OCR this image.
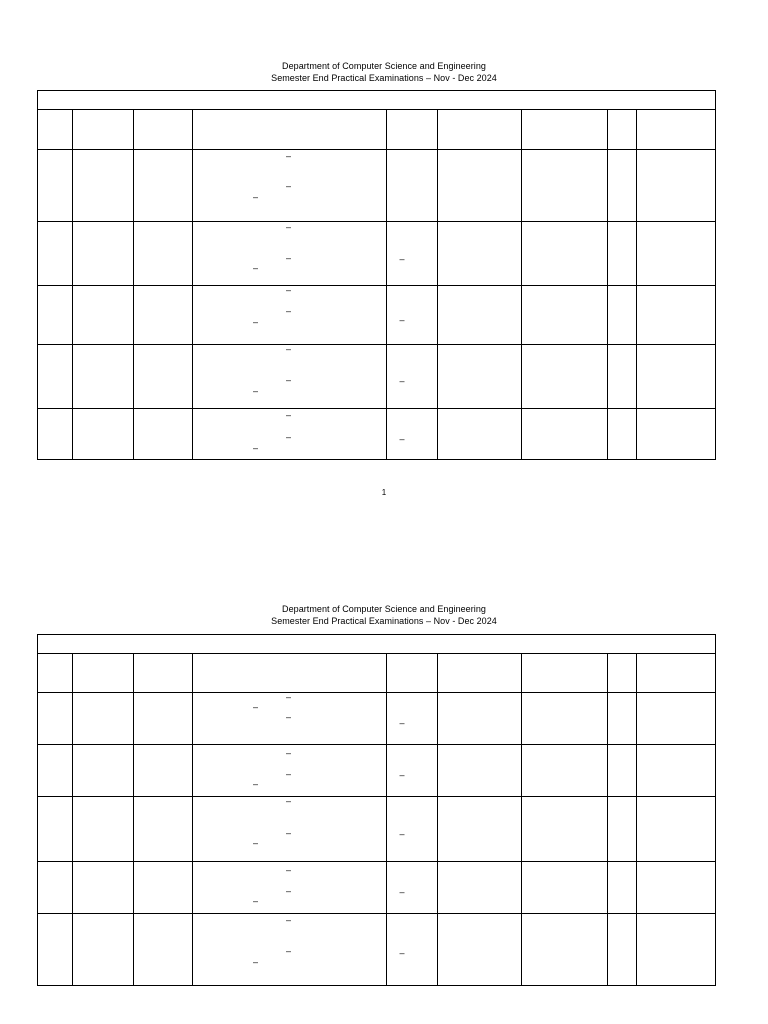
Department of Computer Science and Engineering
Semester End Practical Examinations – Nov - Dec 2024
–
–
–
–
–
–
–
–
–
–	–
–
–
–
–
–
–
–
–
1
Department of Computer Science and Engineering
Semester End Practical Examinations – Nov - Dec 2024
–
–
–
–
–
–
–
–
–
–
–
–
–
–
–
–
–
–
–
–
